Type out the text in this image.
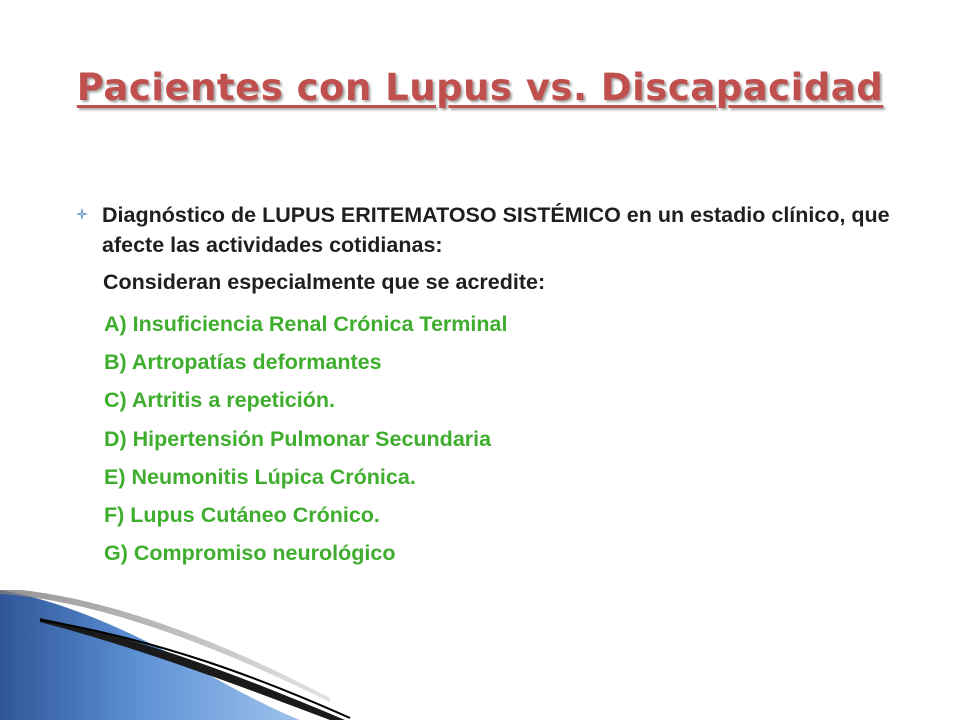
Pacientes con Lupus vs. Discapacidad
Diagnóstico de LUPUS ERITEMATOSO SISTÉMICO en un estadio clínico, que afecte las actividades cotidianas:
Consideran especialmente que se acredite:
A) Insuficiencia Renal Crónica Terminal
B) Artropatías deformantes
C) Artritis a repetición.
D) Hipertensión Pulmonar Secundaria
E) Neumonitis Lúpica Crónica.
F) Lupus Cutáneo Crónico.
G) Compromiso neurológico
